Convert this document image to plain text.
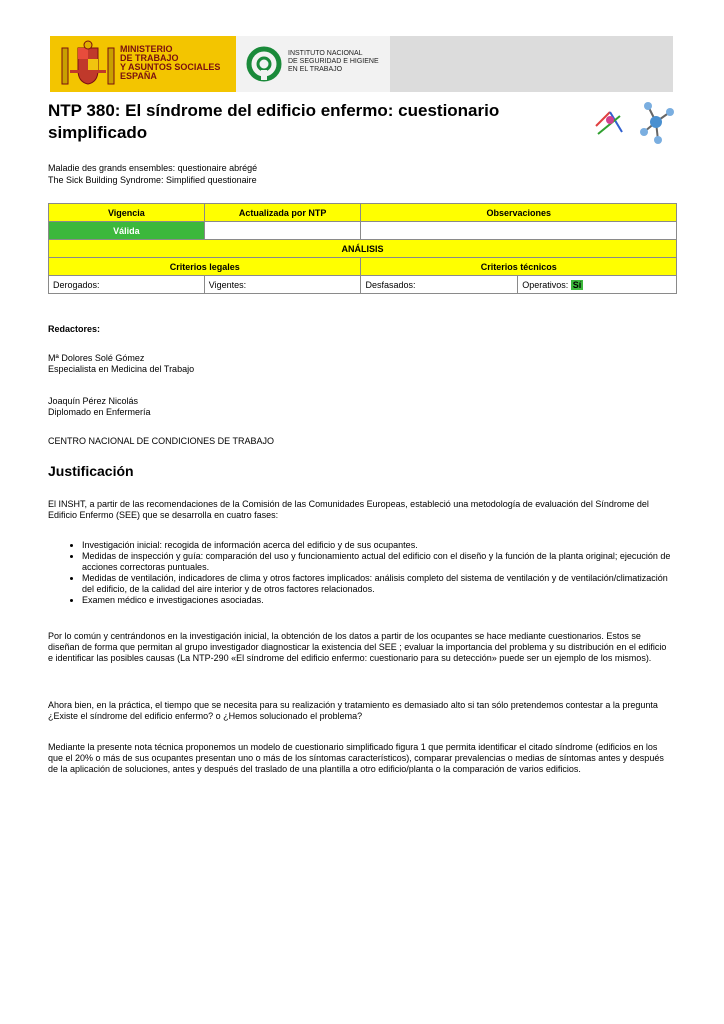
MINISTERIO
DE TRABAJO
Y ASUNTOS SOCIALES
ESPAÑA
INSTITUTO NACIONAL
DE SEGURIDAD E HIGIENE
EN EL TRABAJO
NTP 380: El síndrome del edificio enfermo: cuestionario simplificado
Maladie des grands ensembles: questionaire abrégé
The Sick Building Syndrome: Simplified questionaire
Vigencia	Actualizada por NTP	Observaciones	
Válida			
ANÁLISIS			
Criterios legales		Criterios técnicos	
Derogados:	Vigentes:	Desfasados:	Operativos: Sí
Redactores:
Mª Dolores Solé Gómez
Especialista en Medicina del Trabajo
Joaquín Pérez Nicolás
Diplomado en Enfermería
CENTRO NACIONAL DE CONDICIONES DE TRABAJO
Justificación
El INSHT, a partir de las recomendaciones de la Comisión de las Comunidades Europeas, estableció una metodología de evaluación del Síndrome del Edificio Enfermo (SEE) que se desarrolla en cuatro fases:
• Investigación inicial: recogida de información acerca del edificio y de sus ocupantes.
• Medidas de inspección y guía: comparación del uso y funcionamiento actual del edificio con el diseño y la función de la planta original; ejecución de acciones correctoras puntuales.
• Medidas de ventilación, indicadores de clima y otros factores implicados: análisis completo del sistema de ventilación y de ventilación/climatización del edificio, de la calidad del aire interior y de otros factores relacionados.
• Examen médico e investigaciones asociadas.
Por lo común y centrándonos en la investigación inicial, la obtención de los datos a partir de los ocupantes se hace mediante cuestionarios. Estos se diseñan de forma que permitan al grupo investigador diagnosticar la existencia del SEE ; evaluar la importancia del problema y su distribución en el edificio e identificar las posibles causas (La NTP-290 «El síndrome del edificio enfermo: cuestionario para su detección» puede ser un ejemplo de los mismos).
Ahora bien, en la práctica, el tiempo que se necesita para su realización y tratamiento es demasiado alto si tan sólo pretendemos contestar a la pregunta ¿Existe el síndrome del edificio enfermo? o ¿Hemos solucionado el problema?
Mediante la presente nota técnica proponemos un modelo de cuestionario simplificado figura 1 que permita identificar el citado síndrome (edificios en los que el 20% o más de sus ocupantes presentan uno o más de los síntomas característicos), comparar prevalencias o medias de síntomas antes y después de la aplicación de soluciones, antes y después del traslado de una plantilla a otro edificio/planta o la comparación de varios edificios.
